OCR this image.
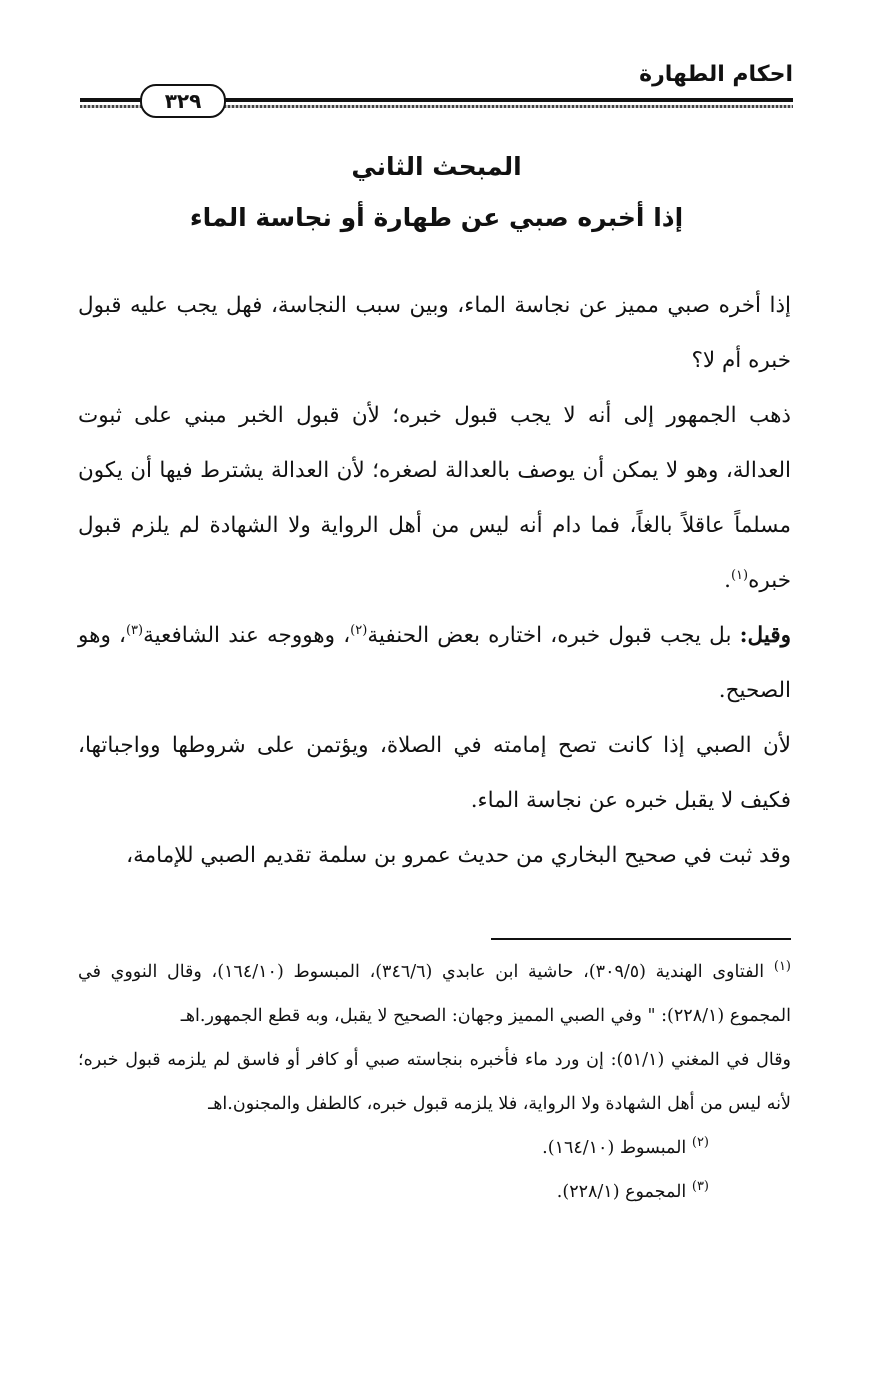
احكام الطهارة
٣٢٩
المبحث الثاني
إذا أخبره صبي عن طهارة أو نجاسة الماء

إذا أخره صبي مميز عن نجاسة الماء، وبين سبب النجاسة، فهل يجب عليه قبول خبره أم لا؟

ذهب الجمهور إلى أنه لا يجب قبول خبره؛ لأن قبول الخبر مبني على ثبوت العدالة، وهو لا يمكن أن يوصف بالعدالة لصغره؛ لأن العدالة يشترط فيها أن يكون مسلماً عاقلاً بالغاً، فما دام أنه ليس من أهل الرواية ولا الشهادة لم يلزم قبول خبره$^{(١)}$.

وقيل: بل يجب قبول خبره، اختاره بعض الحنفية$^{(٢)}$، وهووجه عند الشافعية$^{(٣)}$، وهو الصحيح.

لأن الصبي إذا كانت تصح إمامته في الصلاة، ويؤتمن على شروطها وواجباتها، فكيف لا يقبل خبره عن نجاسة الماء.

وقد ثبت في صحيح البخاري من حديث عمرو بن سلمة تقديم الصبي للإمامة،

$^{(١)}$ الفتاوى الهندية (٣٠٩/٥)، حاشية ابن عابدي (٣٤٦/٦)، المبسوط (١٦٤/١٠)، وقال النووي في المجموع (٢٢٨/١): " وفي الصبي المميز وجهان: الصحيح لا يقبل، وبه قطع الجمهور.اهـ

وقال في المغني (٥١/١): إن ورد ماء فأخبره بنجاسته صبي أو كافر أو فاسق لم يلزمه قبول خبره؛ لأنه ليس من أهل الشهادة ولا الرواية، فلا يلزمه قبول خبره، كالطفل والمجنون.اهـ

$^{(٢)}$ المبسوط (١٦٤/١٠).

$^{(٣)}$ المجموع (٢٢٨/١).
